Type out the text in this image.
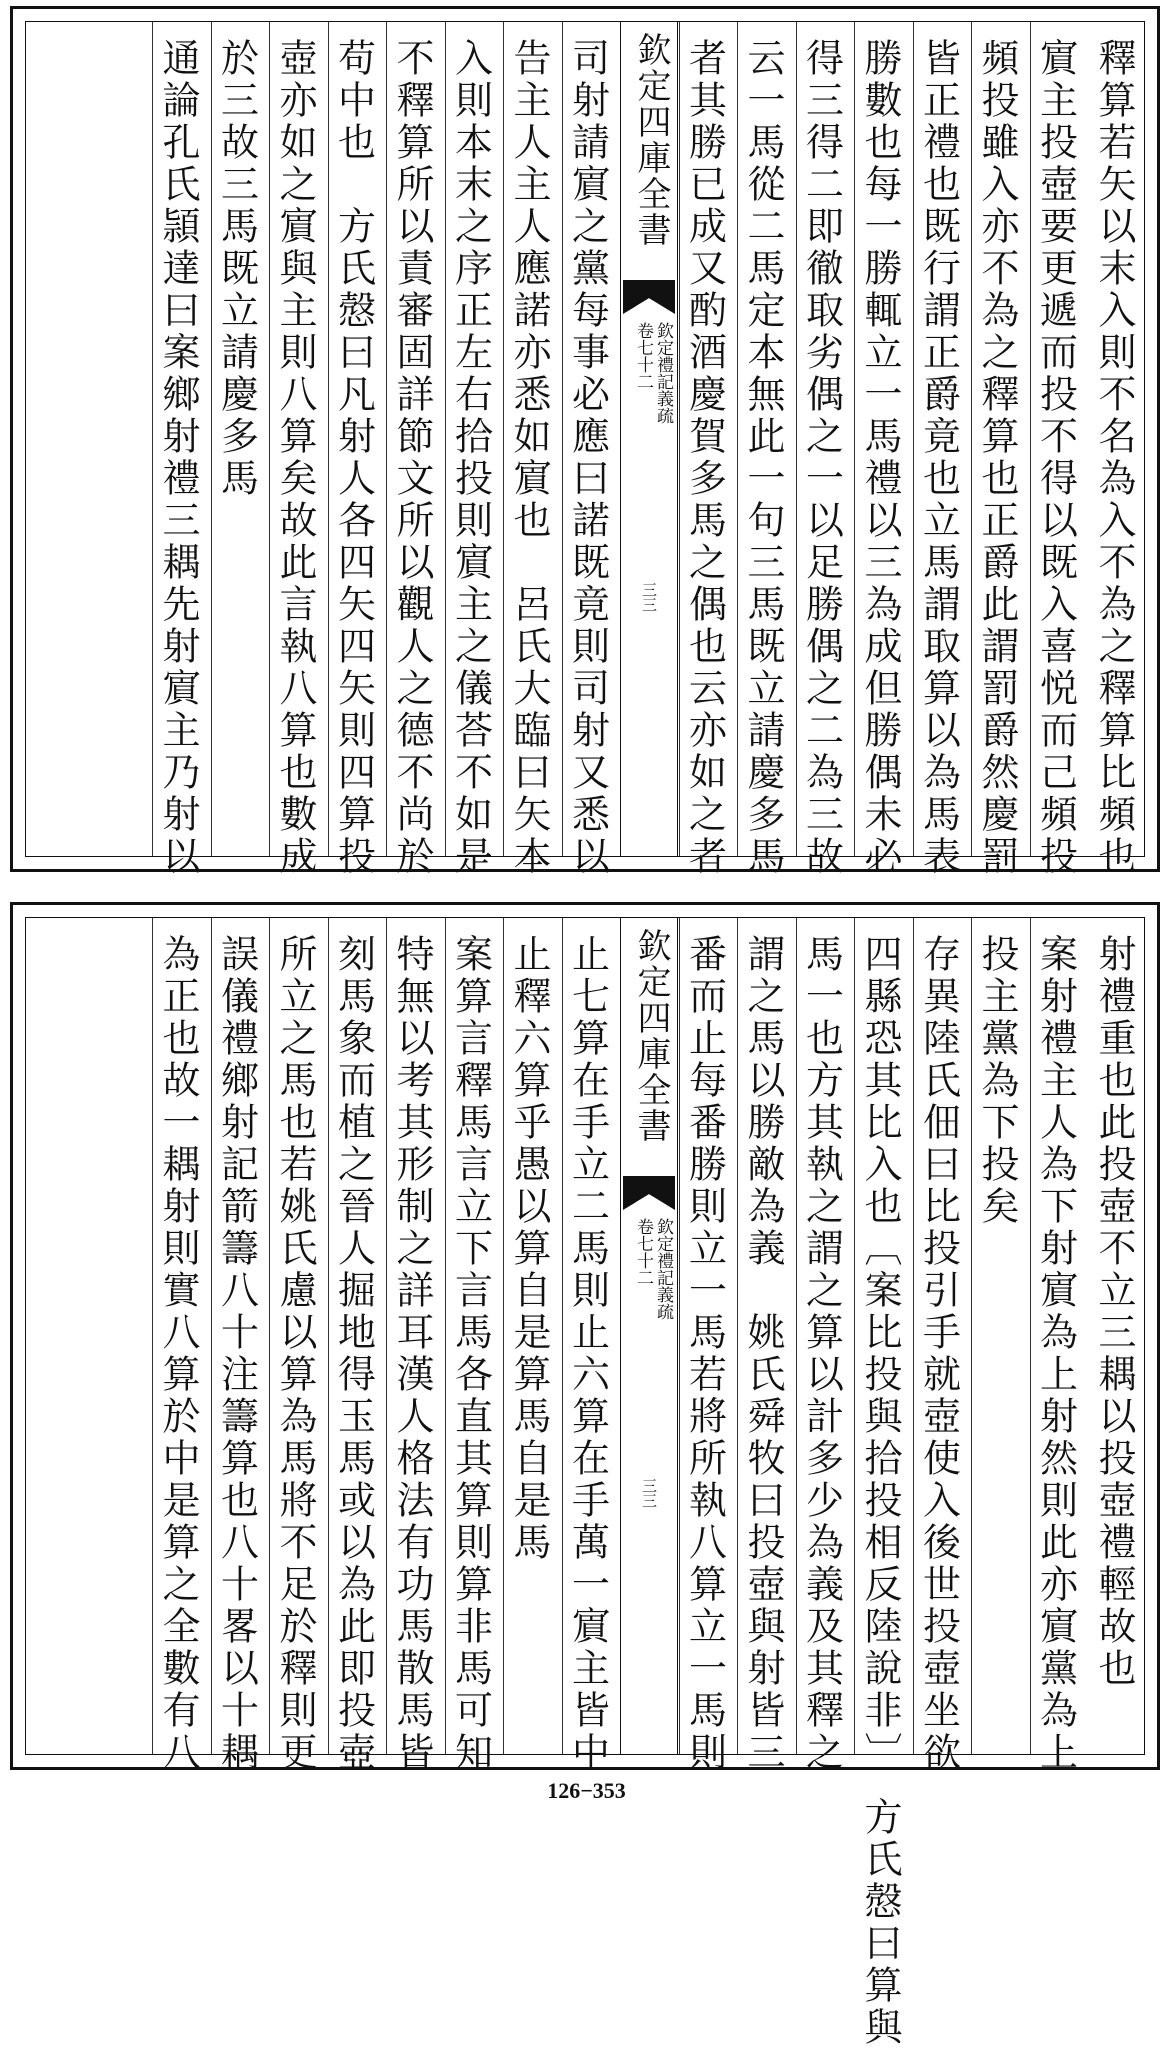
釋算若矢以末入則不名為入不為之釋算比頻也
賔主投壺要更遞而投不得以既入喜悦而己頻投
頻投雖入亦不為之釋算也正爵此謂罰爵然慶罰
皆正禮也既行謂正爵竟也立馬謂取算以為馬表
勝數也每一勝輒立一馬禮以三為成但勝偶未必
得三得二即徹取劣偶之一以足勝偶之二為三故
云一馬從二馬定本無此一句三馬既立請慶多馬
者其勝已成又酌酒慶賀多馬之偶也云亦如之者
欽定四庫全書
欽定禮記義疏
卷七十二
三三
司射請賔之黨每事必應曰諾既竟則司射又悉以
告主人主人應諾亦悉如賔也　呂氏大臨曰矢本
入則本末之序正左右拾投則賔主之儀荅不如是
不釋算所以責審固詳節文所以觀人之德不尚於
苟中也　方氏慤曰凡射人各四矢四矢則四算投
壺亦如之賔與主則八算矣故此言執八算也數成
於三故三馬既立請慶多馬
通論孔氏頴達曰案鄉射禮三耦先射賔主乃射以
射禮重也此投壺不立三耦以投壺禮輕故也
案射禮主人為下射賔為上射然則此亦賔黨為上
投主黨為下投矣
存異陸氏佃曰比投引手就壺使入後世投壺坐欲
四縣恐其比入也〔案比投與拾投相反陸說非〕　方氏慤曰算與
馬一也方其執之謂之算以計多少為義及其釋之
謂之馬以勝敵為義　姚氏舜牧曰投壺與射皆三
番而止每番勝則立一馬若將所執八算立一馬則
欽定四庫全書
欽定禮記義疏
卷七十二
三三
止七算在手立二馬則止六算在手萬一賔主皆中
止釋六算乎愚以算自是算馬自是馬
案算言釋馬言立下言馬各直其算則算非馬可知
特無以考其形制之詳耳漢人格法有功馬散馬皆
刻馬象而植之晉人掘地得玉馬或以為此即投壺
所立之馬也若姚氏慮以算為馬將不足於釋則更
誤儀禮鄉射記箭籌八十注籌算也八十畧以十耦
為正也故一耦射則實八算於中是算之全數有八
126−353
